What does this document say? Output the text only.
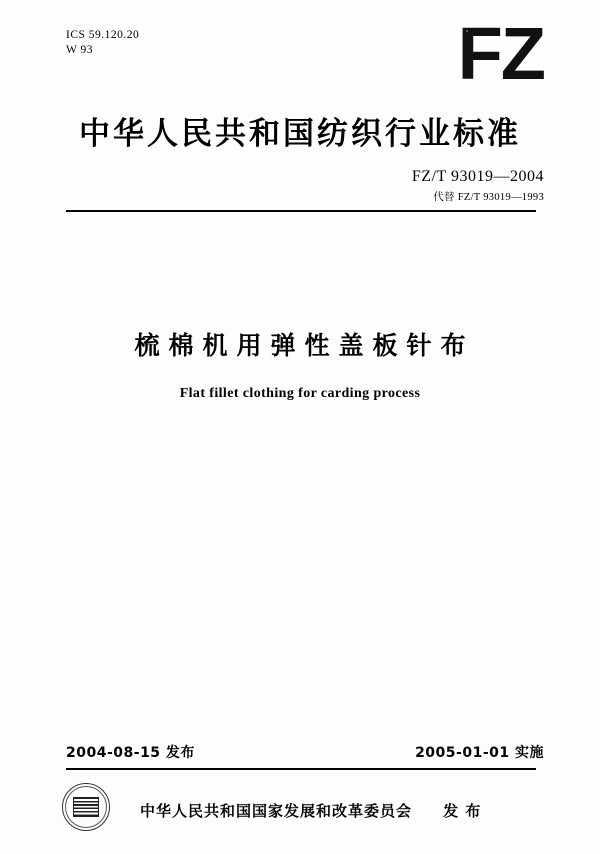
ICS 59.120.20
W 93	FZ
中华人民共和国纺织行业标准
FZ/T 93019—2004
代替 FZ/T 93019—1993
梳棉机用弹性盖板针布
Flat fillet clothing for carding process
2004-08-15 发布	2005-01-01 实施
中华人民共和国国家发展和改革委员会     发 布
